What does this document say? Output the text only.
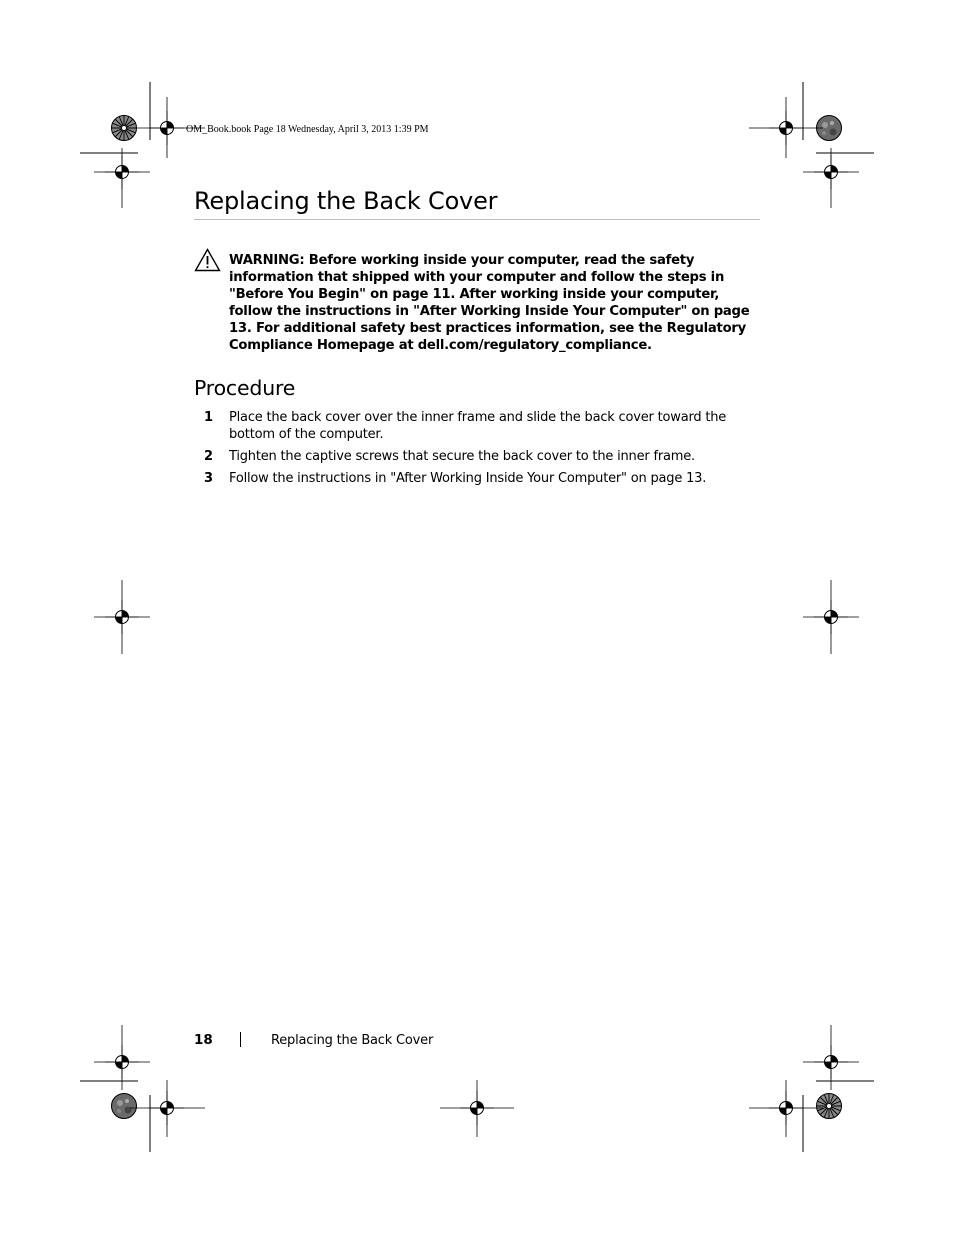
OM_Book.book Page 18 Wednesday, April 3, 2013 1:39 PM
Replacing the Back Cover

WARNING: Before working inside your computer, read the safety information that shipped with your computer and follow the steps in "Before You Begin" on page 11. After working inside your computer, follow the instructions in "After Working Inside Your Computer" on page 13. For additional safety best practices information, see the Regulatory Compliance Homepage at dell.com/regulatory_compliance.

Procedure
1 Place the back cover over the inner frame and slide the back cover toward the bottom of the computer.
2 Tighten the captive screws that secure the back cover to the inner frame.
3 Follow the instructions in "After Working Inside Your Computer" on page 13.
18	Replacing the Back Cover
